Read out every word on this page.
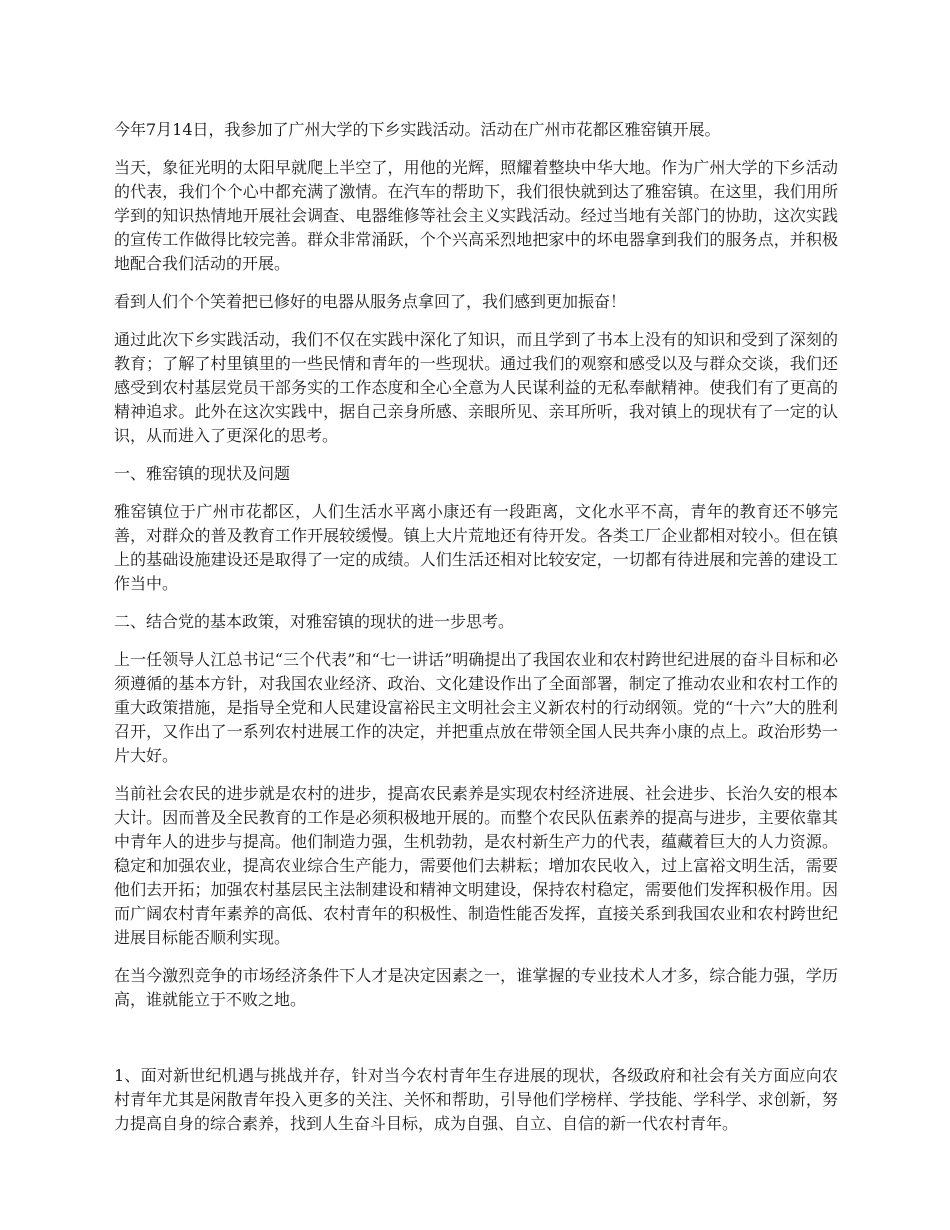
今年7月14日，我参加了广州大学的下乡实践活动。活动在广州市花都区雅窑镇开展。

当天，象征光明的太阳早就爬上半空了，用他的光辉，照耀着整块中华大地。作为广州大学的下乡活动的代表，我们个个心中都充满了激情。在汽车的帮助下，我们很快就到达了雅窑镇。在这里，我们用所学到的知识热情地开展社会调查、电器维修等社会主义实践活动。经过当地有关部门的协助，这次实践的宣传工作做得比较完善。群众非常涌跃，个个兴高采烈地把家中的坏电器拿到我们的服务点，并积极地配合我们活动的开展。

看到人们个个笑着把已修好的电器从服务点拿回了，我们感到更加振奋！

通过此次下乡实践活动，我们不仅在实践中深化了知识，而且学到了书本上没有的知识和受到了深刻的教育；了解了村里镇里的一些民情和青年的一些现状。通过我们的观察和感受以及与群众交谈，我们还感受到农村基层党员干部务实的工作态度和全心全意为人民谋利益的无私奉献精神。使我们有了更高的精神追求。此外在这次实践中，据自己亲身所感、亲眼所见、亲耳所听，我对镇上的现状有了一定的认识，从而进入了更深化的思考。

一、雅窑镇的现状及问题

雅窑镇位于广州市花都区，人们生活水平离小康还有一段距离，文化水平不高，青年的教育还不够完善，对群众的普及教育工作开展较缓慢。镇上大片荒地还有待开发。各类工厂企业都相对较小。但在镇上的基础设施建设还是取得了一定的成绩。人们生活还相对比较安定，一切都有待进展和完善的建设工作当中。

二、结合党的基本政策，对雅窑镇的现状的进一步思考。

上一任领导人江总书记“三个代表”和“七一讲话”明确提出了我国农业和农村跨世纪进展的奋斗目标和必须遵循的基本方针，对我国农业经济、政治、文化建设作出了全面部署，制定了推动农业和农村工作的重大政策措施，是指导全党和人民建设富裕民主文明社会主义新农村的行动纲领。党的“十六”大的胜利召开，又作出了一系列农村进展工作的决定，并把重点放在带领全国人民共奔小康的点上。政治形势一片大好。

当前社会农民的进步就是农村的进步，提高农民素养是实现农村经济进展、社会进步、长治久安的根本大计。因而普及全民教育的工作是必须积极地开展的。而整个农民队伍素养的提高与进步，主要依靠其中青年人的进步与提高。他们制造力强，生机勃勃，是农村新生产力的代表，蕴藏着巨大的人力资源。稳定和加强农业，提高农业综合生产能力，需要他们去耕耘；增加农民收入，过上富裕文明生活，需要他们去开拓；加强农村基层民主法制建设和精神文明建设，保持农村稳定，需要他们发挥积极作用。因而广阔农村青年素养的高低、农村青年的积极性、制造性能否发挥，直接关系到我国农业和农村跨世纪进展目标能否顺利实现。

在当今激烈竞争的市场经济条件下人才是决定因素之一，谁掌握的专业技术人才多，综合能力强，学历高，谁就能立于不败之地。

1、面对新世纪机遇与挑战并存，针对当今农村青年生存进展的现状，各级政府和社会有关方面应向农村青年尤其是闲散青年投入更多的关注、关怀和帮助，引导他们学榜样、学技能、学科学、求创新，努力提高自身的综合素养，找到人生奋斗目标，成为自强、自立、自信的新一代农村青年。
